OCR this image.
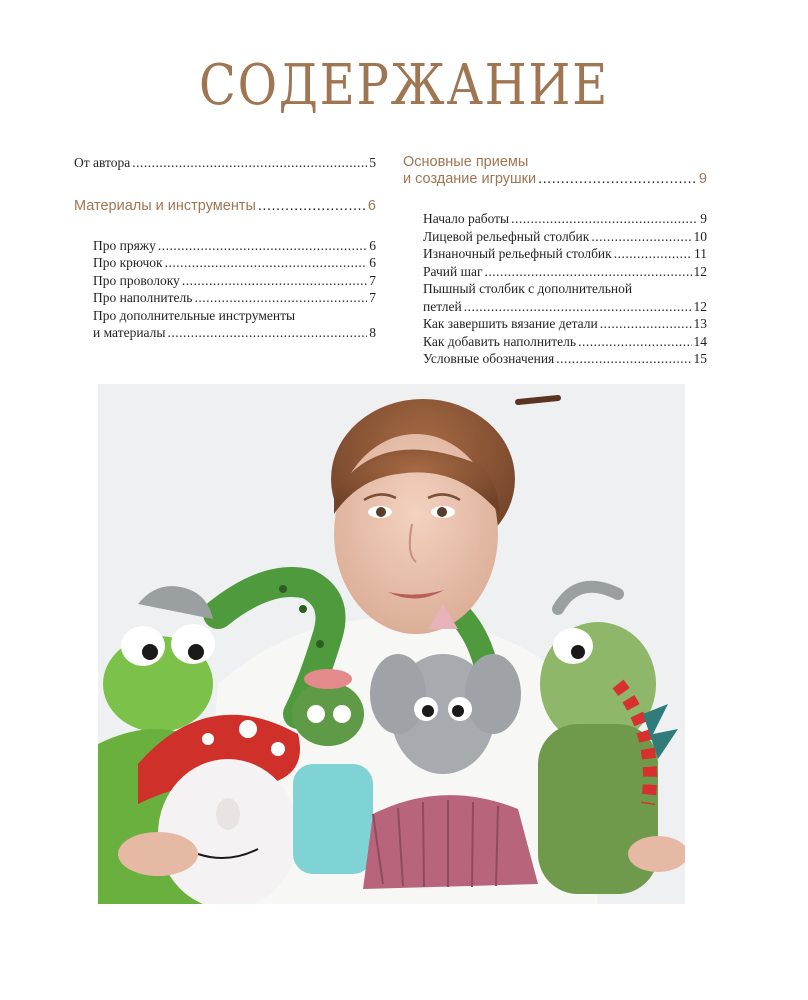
СОДЕРЖАНИЕ
От автора .....	5
Материалы и инструменты .....	6
Про пряжу .....	6
Про крючок .....	6
Про проволоку .....	7
Про наполнитель .....	7
Про дополнительные инструменты
и материалы .....	8
Основные приемы
и создание игрушки .....	9
Начало работы .....	9
Лицевой рельефный столбик .....	10
Изнаночный рельефный столбик .....	11
Рачий шаг .....	12
Пышный столбик с дополнительной
петлей .....	12
Как завершить вязание детали .....	13
Как добавить наполнитель .....	14
Условные обозначения .....	15
